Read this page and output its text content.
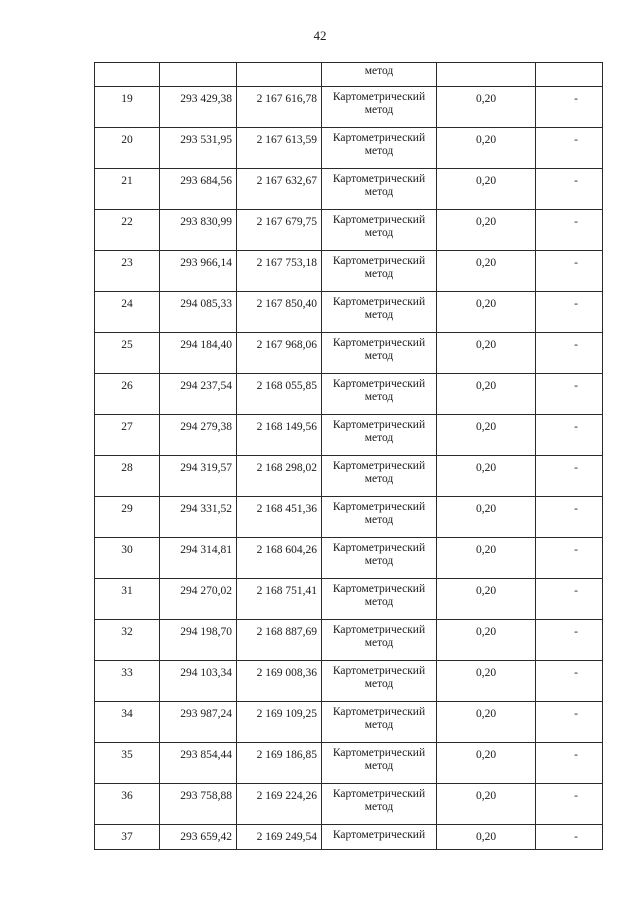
42

			метод		

19	293 429,38	2 167 616,78	Картометрический метод	0,20	-

20	293 531,95	2 167 613,59	Картометрический метод	0,20	-

21	293 684,56	2 167 632,67	Картометрический метод	0,20	-

22	293 830,99	2 167 679,75	Картометрический метод	0,20	-

23	293 966,14	2 167 753,18	Картометрический метод	0,20	-

24	294 085,33	2 167 850,40	Картометрический метод	0,20	-

25	294 184,40	2 167 968,06	Картометрический метод	0,20	-

26	294 237,54	2 168 055,85	Картометрический метод	0,20	-

27	294 279,38	2 168 149,56	Картометрический метод	0,20	-

28	294 319,57	2 168 298,02	Картометрический метод	0,20	-

29	294 331,52	2 168 451,36	Картометрический метод	0,20	-

30	294 314,81	2 168 604,26	Картометрический метод	0,20	-

31	294 270,02	2 168 751,41	Картометрический метод	0,20	-

32	294 198,70	2 168 887,69	Картометрический метод	0,20	-

33	294 103,34	2 169 008,36	Картометрический метод	0,20	-

34	293 987,24	2 169 109,25	Картометрический метод	0,20	-

35	293 854,44	2 169 186,85	Картометрический метод	0,20	-

36	293 758,88	2 169 224,26	Картометрический метод	0,20	-

37	293 659,42	2 169 249,54	Картометрический	0,20	-
